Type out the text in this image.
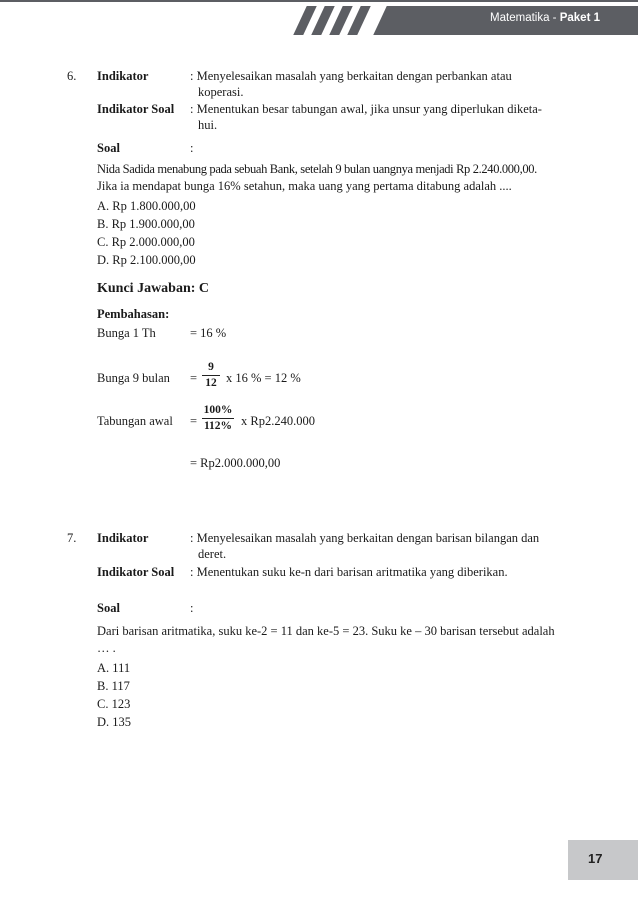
Matematika - Paket 1
6. Indikator	: Menyelesaikan masalah yang berkaitan dengan perbankan atau
koperasi.
Indikator Soal : Menentukan besar tabungan awal, jika unsur yang diperlukan diketa-
hui.
Soal	:
Nida Sadida menabung pada sebuah Bank, setelah 9 bulan uangnya menjadi Rp 2.240.000,00.
Jika ia mendapat bunga 16% setahun, maka uang yang pertama ditabung adalah ....
A. Rp 1.800.000,00
B. Rp 1.900.000,00
C. Rp 2.000.000,00
D. Rp 2.100.000,00
Kunci Jawaban: C
Pembahasan:
Bunga 1 Th	= 16 %
Bunga 9 bulan =
9
12 x 16 % = 12 %
Tabungan awal =
100%
112% x Rp2.240.000
= Rp2.000.000,00
7. Indikator	: Menyelesaikan masalah yang berkaitan dengan barisan bilangan dan
deret.
Indikator Soal : Menentukan suku ke-n dari barisan aritmatika yang diberikan.
Soal	:
Dari barisan aritmatika, suku ke-2 = 11 dan ke-5 = 23. Suku ke – 30 barisan tersebut adalah
… .
A. 111
B. 117
C. 123
D. 135
17
